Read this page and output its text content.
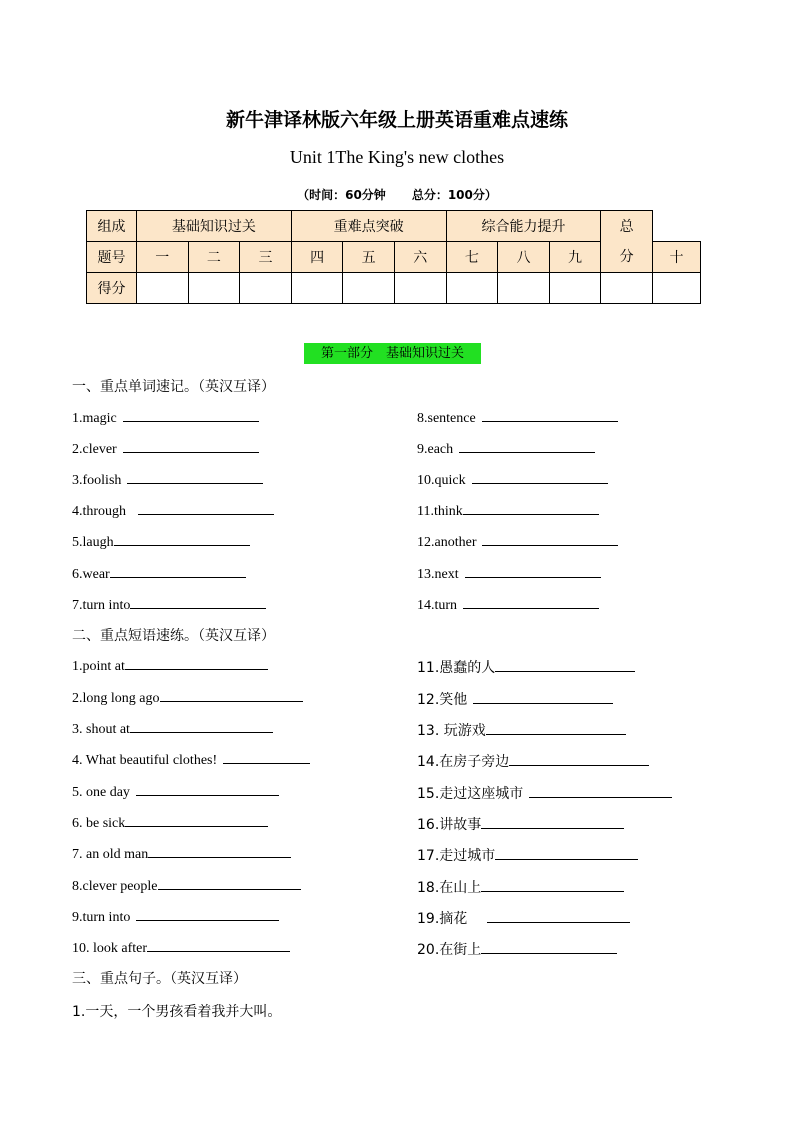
新牛津译林版六年级上册英语重难点速练
Unit 1The King's new clothes
（时间：60分钟 总分：100分）
组成	基础知识过关			重难点突破			综合能力提升			总分	

题号	一	二	三	四	五	六	七	八	九		十
得分											
第一部分　基础知识过关
一、重点单词速记。（英汉互译）
1.magic
2.clever
3.foolish
4.through
5.laugh
6.wear
7.turn into
8.sentence
9.each
10.quick
11.think
12.another
13.next
14.turn
二、重点短语速练。（英汉互译）
1.point at
2.long long ago
3. shout at
4. What beautiful clothes!
5. one day
6. be sick
7. an old man
8.clever people
9.turn into
10. look after
11.愚蠢的人
12.笑他
13. 玩游戏
14.在房子旁边
15.走过这座城市
16.讲故事
17.走过城市
18.在山上
19.摘花
20.在街上
三、重点句子。（英汉互译）
1.一天，一个男孩看着我并大叫。
